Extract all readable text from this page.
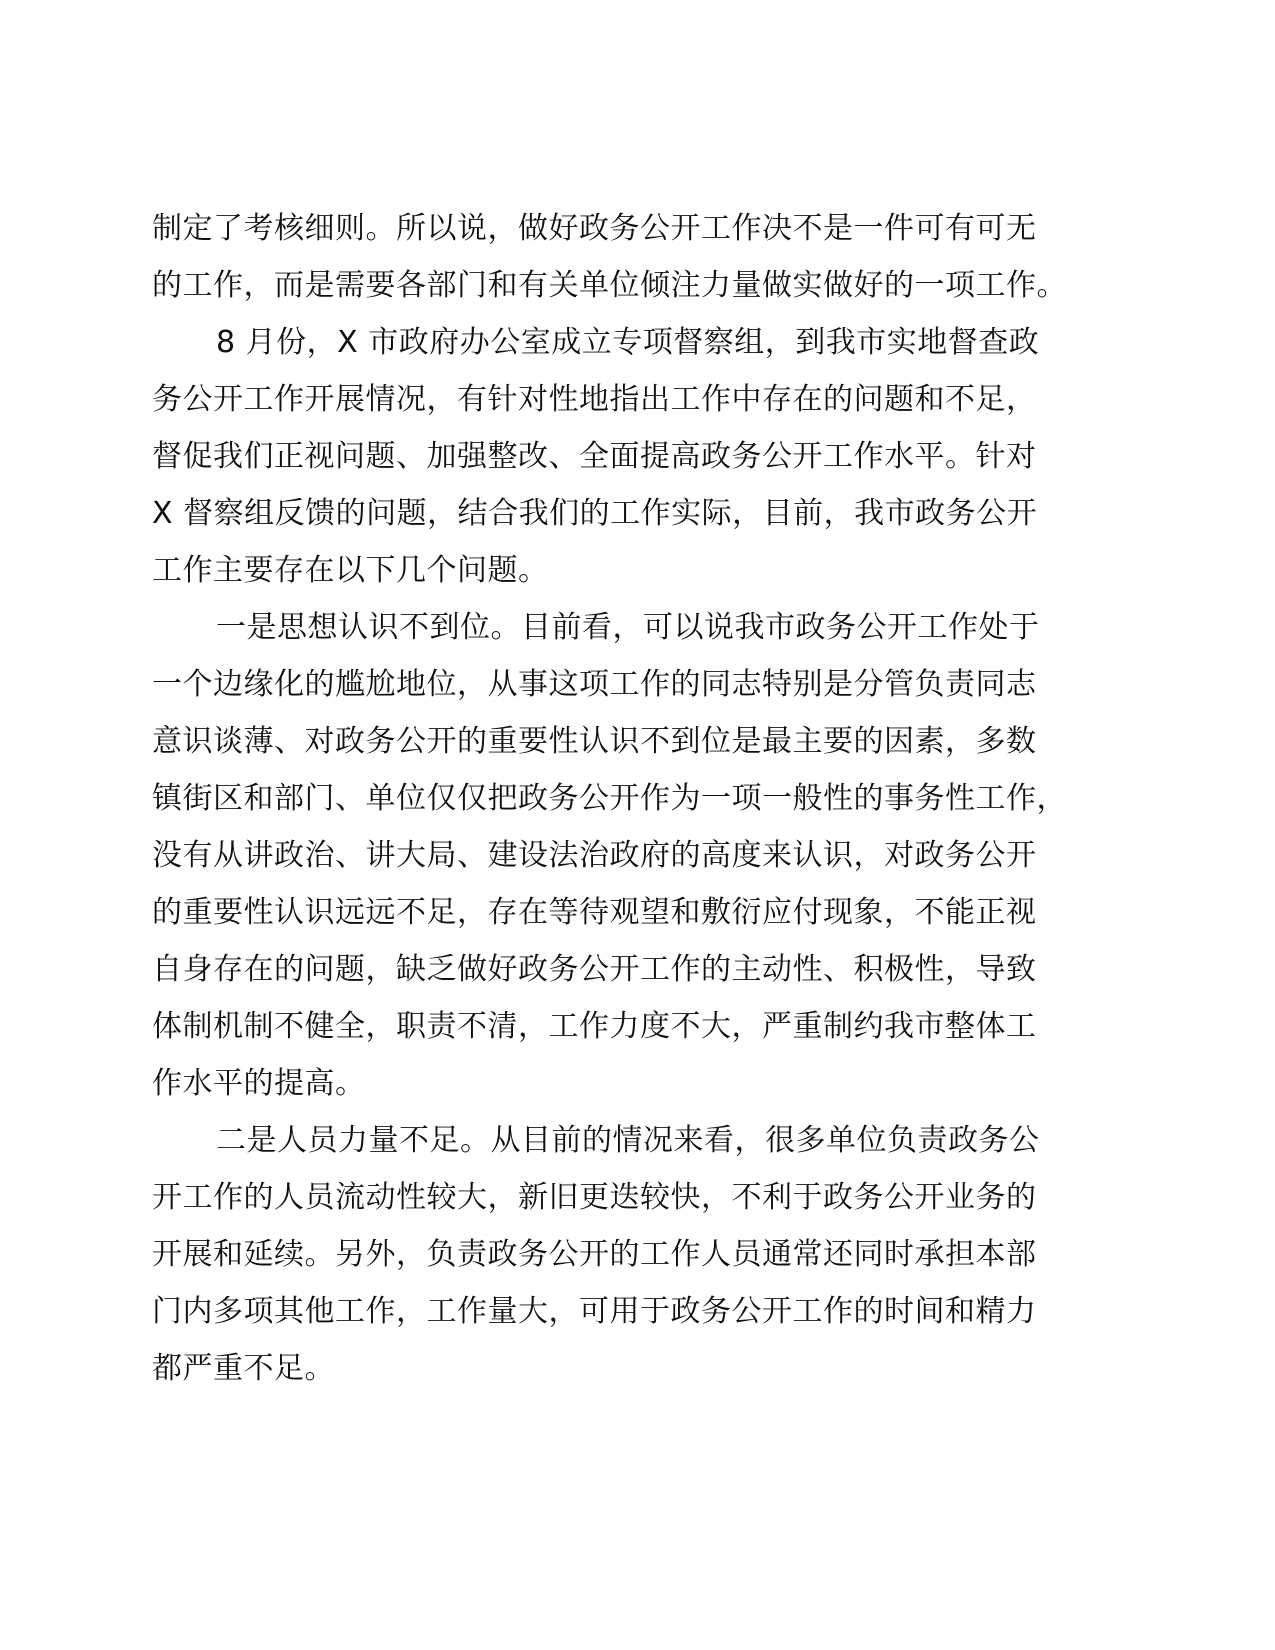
制定了考核细则。所以说，做好政务公开工作决不是一件可有可无
的工作，而是需要各部门和有关单位倾注力量做实做好的一项工作。
8 月份，X 市政府办公室成立专项督察组，到我市实地督查政
务公开工作开展情况，有针对性地指出工作中存在的问题和不足，
督促我们正视问题、加强整改、全面提高政务公开工作水平。针对
X 督察组反馈的问题，结合我们的工作实际，目前，我市政务公开
工作主要存在以下几个问题。
一是思想认识不到位。目前看，可以说我市政务公开工作处于
一个边缘化的尴尬地位，从事这项工作的同志特别是分管负责同志
意识谈薄、对政务公开的重要性认识不到位是最主要的因素，多数
镇街区和部门、单位仅仅把政务公开作为一项一般性的事务性工作，
没有从讲政治、讲大局、建设法治政府的高度来认识，对政务公开
的重要性认识远远不足，存在等待观望和敷衍应付现象，不能正视
自身存在的问题，缺乏做好政务公开工作的主动性、积极性，导致
体制机制不健全，职责不清，工作力度不大，严重制约我市整体工
作水平的提高。
二是人员力量不足。从目前的情况来看，很多单位负责政务公
开工作的人员流动性较大，新旧更迭较快，不利于政务公开业务的
开展和延续。另外，负责政务公开的工作人员通常还同时承担本部
门内多项其他工作，工作量大，可用于政务公开工作的时间和精力
都严重不足。
